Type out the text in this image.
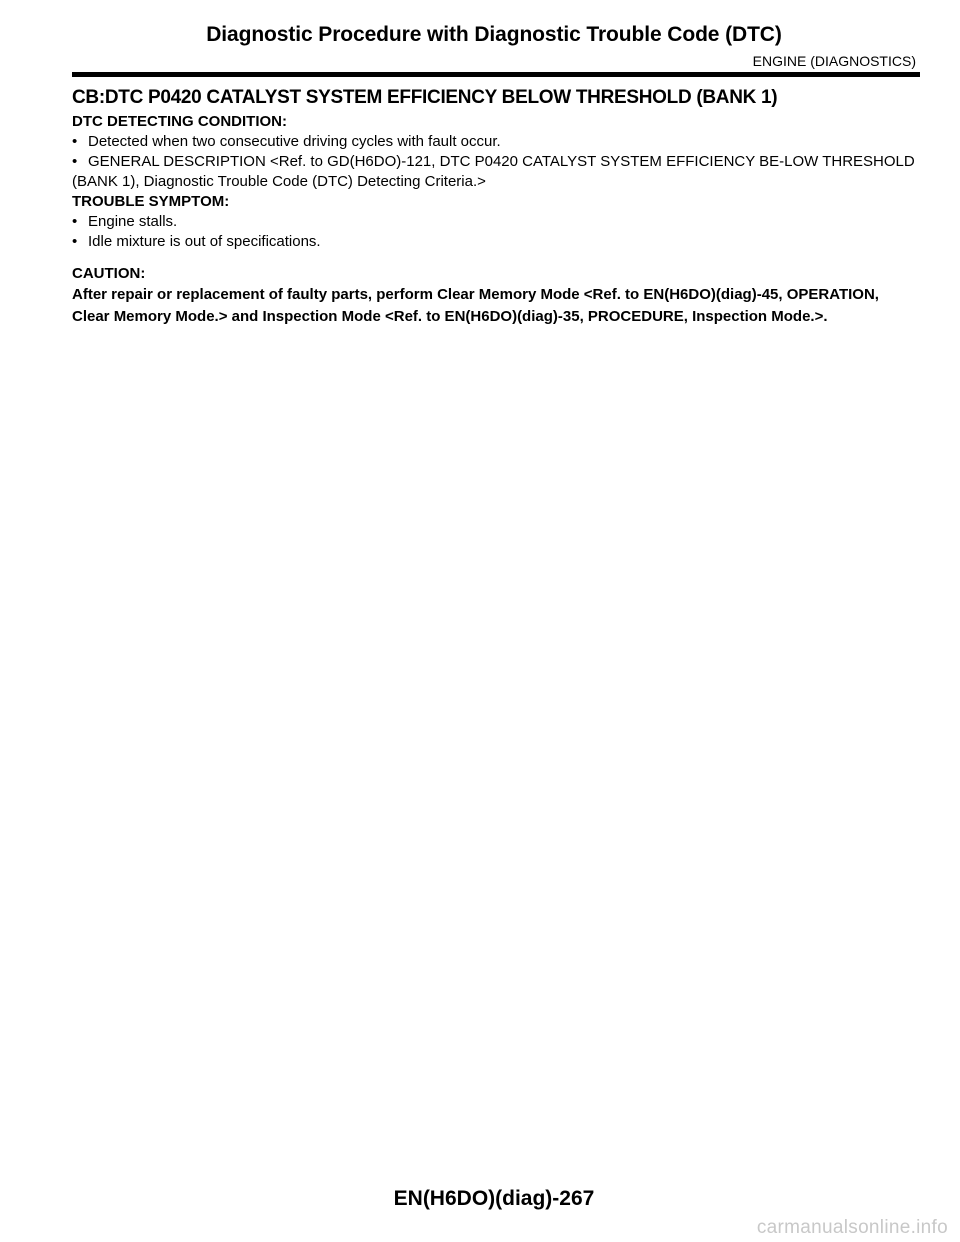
Diagnostic Procedure with Diagnostic Trouble Code (DTC)
ENGINE (DIAGNOSTICS)
CB:DTC P0420 CATALYST SYSTEM EFFICIENCY BELOW THRESHOLD (BANK 1)
DTC DETECTING CONDITION:
• Detected when two consecutive driving cycles with fault occur.
• GENERAL DESCRIPTION <Ref. to GD(H6DO)-121, DTC P0420 CATALYST SYSTEM EFFICIENCY BE-LOW THRESHOLD (BANK 1), Diagnostic Trouble Code (DTC) Detecting Criteria.>
TROUBLE SYMPTOM:
• Engine stalls.
• Idle mixture is out of specifications.
CAUTION:
After repair or replacement of faulty parts, perform Clear Memory Mode <Ref. to EN(H6DO)(diag)-45, OPERATION, Clear Memory Mode.> and Inspection Mode <Ref. to EN(H6DO)(diag)-35, PROCEDURE, Inspection Mode.>.
EN(H6DO)(diag)-267
carmanualsonline.info
